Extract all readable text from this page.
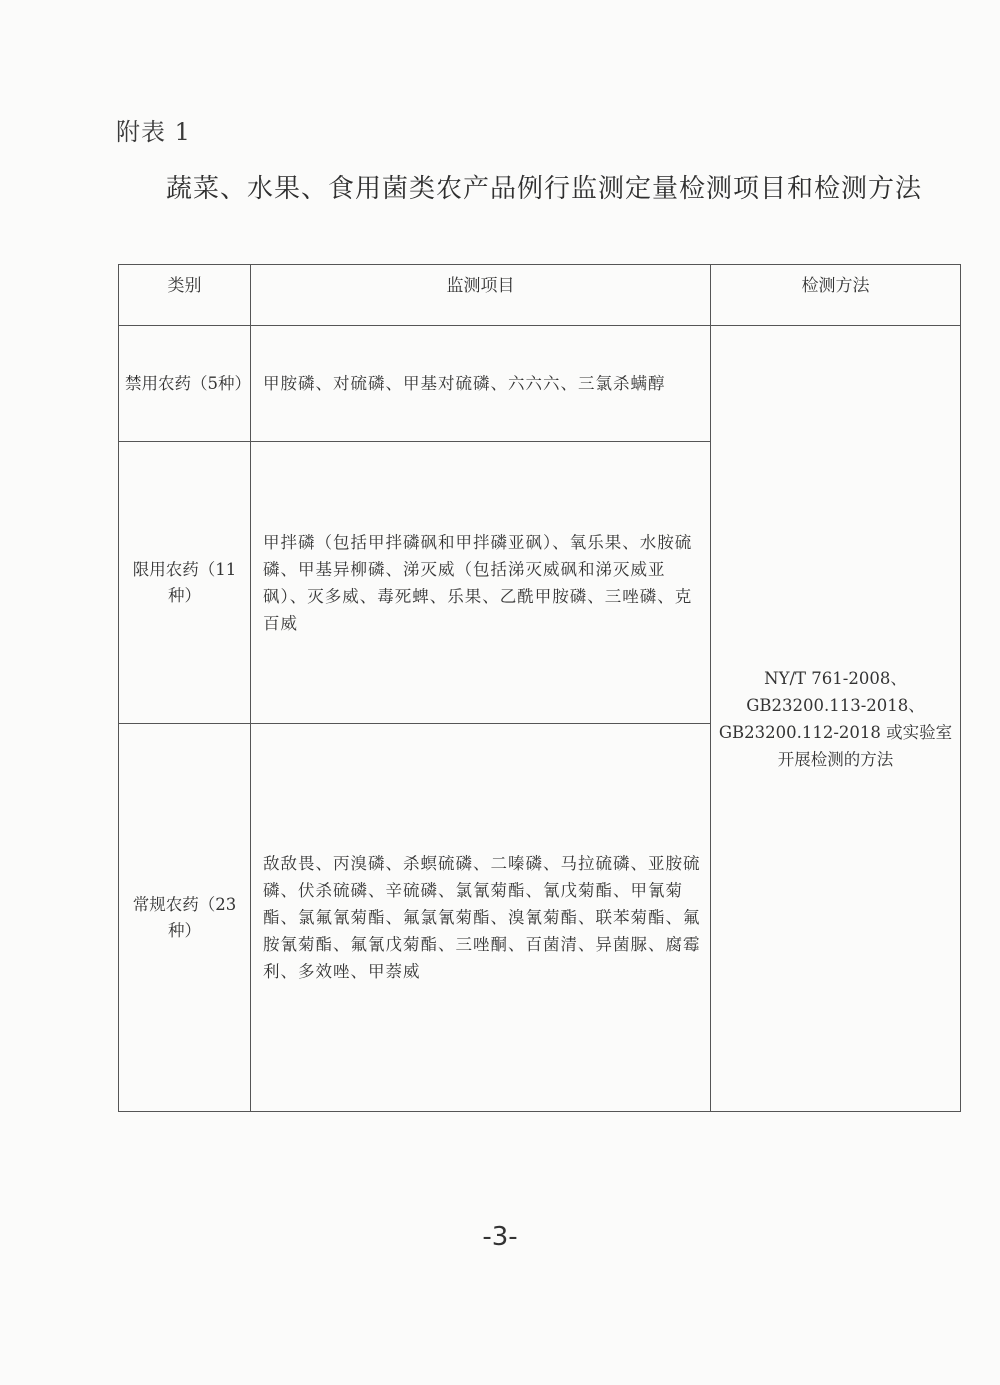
附表 1
蔬菜、水果、食用菌类农产品例行监测定量检测项目和检测方法
类别	监测项目	检测方法
禁用农药（5种）	甲胺磷、对硫磷、甲基对硫磷、六六六、三氯杀螨醇	NY/T 761-2008、GB23200.113-2018、GB23200.112-2018 或实验室开展检测的方法
限用农药（11种）	甲拌磷（包括甲拌磷砜和甲拌磷亚砜）、氧乐果、水胺硫磷、甲基异柳磷、涕灭威（包括涕灭威砜和涕灭威亚砜）、灭多威、毒死蜱、乐果、乙酰甲胺磷、三唑磷、克百威	
常规农药（23种）	敌敌畏、丙溴磷、杀螟硫磷、二嗪磷、马拉硫磷、亚胺硫磷、伏杀硫磷、辛硫磷、氯氰菊酯、氰戊菊酯、甲氰菊酯、氯氟氰菊酯、氟氯氰菊酯、溴氰菊酯、联苯菊酯、氟胺氰菊酯、氟氰戊菊酯、三唑酮、百菌清、异菌脲、腐霉利、多效唑、甲萘威	
-3-
